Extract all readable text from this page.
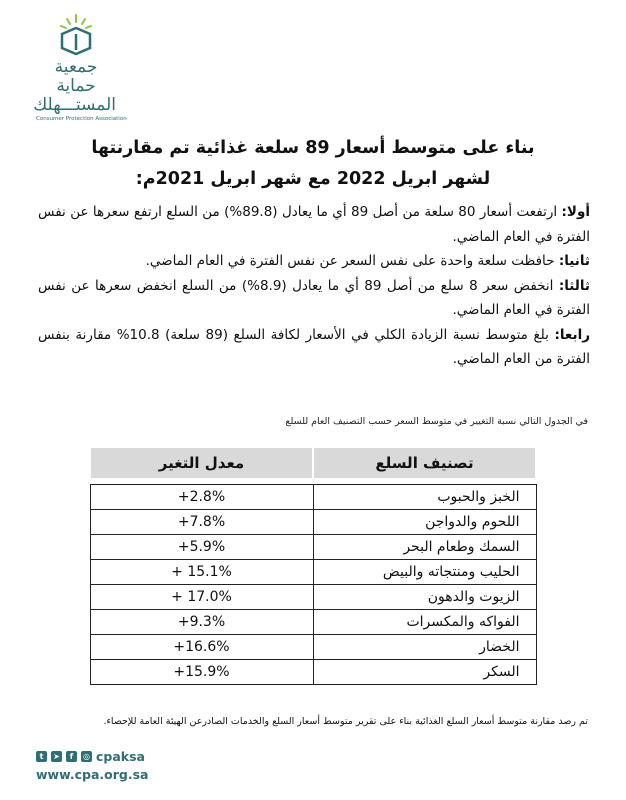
جمعية حماية
المستـــهلك
Consumer Protection Association
بناء على متوسط أسعار 89 سلعة غذائية تم مقارنتها
لشهر ابريل 2022 مع شهر ابريل 2021م:

أولا: ارتفعت أسعار 80 سلعة من أصل 89 أي ما يعادل (89.8%) من السلع ارتفع سعرها عن نفس الفترة في العام الماضي.

ثانيا: حافظت سلعة واحدة على نفس السعر عن نفس الفترة في العام الماضي.

ثالثا: انخفض سعر 8 سلع من أصل 89 أي ما يعادل (8.9%) من السلع انخفض سعرها عن نفس الفترة في العام الماضي.

رابعا: بلغ متوسط نسبة الزيادة الكلي في الأسعار لكافة السلع (89 سلعة) 10.8% مقارنة بنفس الفترة من العام الماضي.

في الجدول التالي نسبة التغيير في متوسط السعر حسب التصنيف العام للسلع
تصنيف السلع	معدل التغير

الخبز والحبوب	+2.8%
اللحوم والدواجن	+7.8%
السمك وطعام البحر	+5.9%
الحليب ومنتجاته والبيض	+ 15.1%
الزيوت والدهون	+ 17.0%
الفواكه والمكسرات	+9.3%
الخضار	+16.6%
السكر	+15.9%
تم رصد مقارنة متوسط أسعار السلع الغذائية بناء على تقرير متوسط أسعار السلع والخدمات الصادرعن الهيئة العامة للإحصاء.
t	➤	f	◎ cpaksa
www.cpa.org.sa
